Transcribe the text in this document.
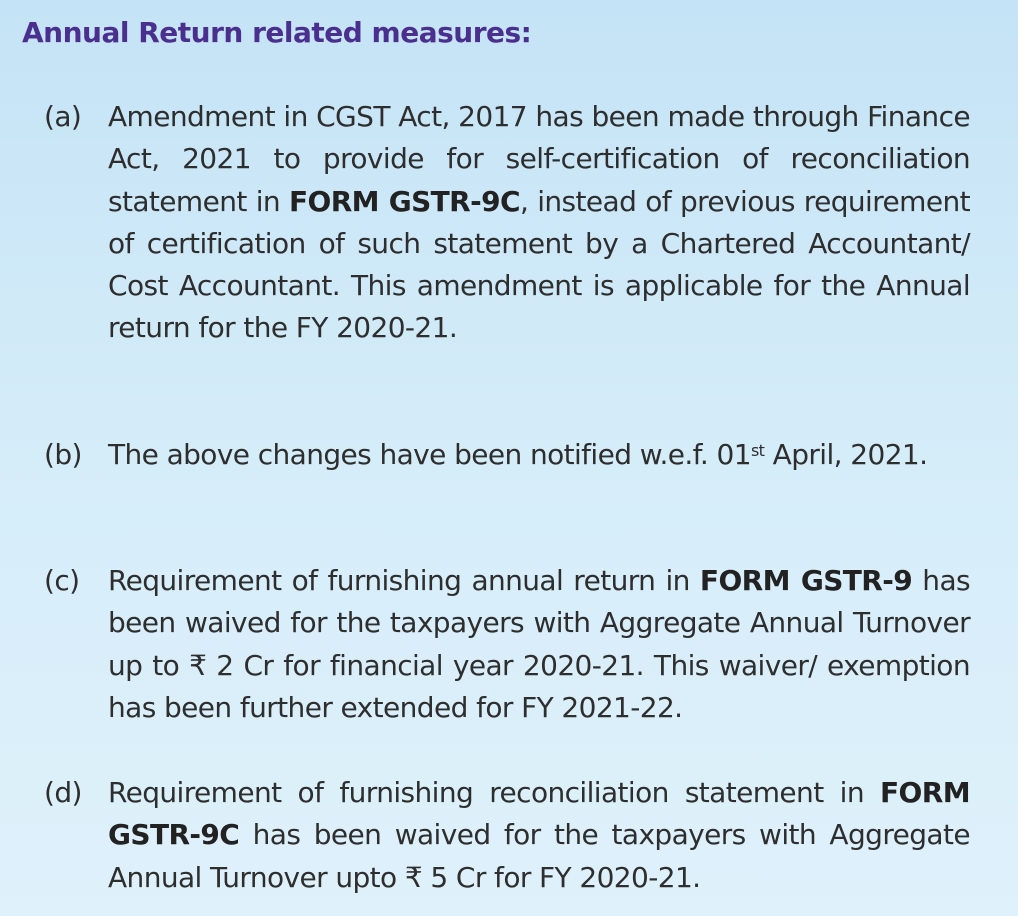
Annual Return related measures:
(a) Amendment in CGST Act, 2017 has been made through Finance Act, 2021 to provide for self-certification of reconciliation statement in FORM GSTR-9C, instead of previous requirement of certification of such statement by a Chartered Accountant/ Cost Accountant. This amendment is applicable for the Annual return for the FY 2020-21.
(b) The above changes have been notified w.e.f. 01st April, 2021.
(c) Requirement of furnishing annual return in FORM GSTR-9 has been waived for the taxpayers with Aggregate Annual Turnover up to ₹ 2 Cr for financial year 2020-21. This waiver/ exemption has been further extended for FY 2021-22.
(d) Requirement of furnishing reconciliation statement in FORM GSTR-9C has been waived for the taxpayers with Aggregate Annual Turnover upto ₹ 5 Cr for FY 2020-21.
